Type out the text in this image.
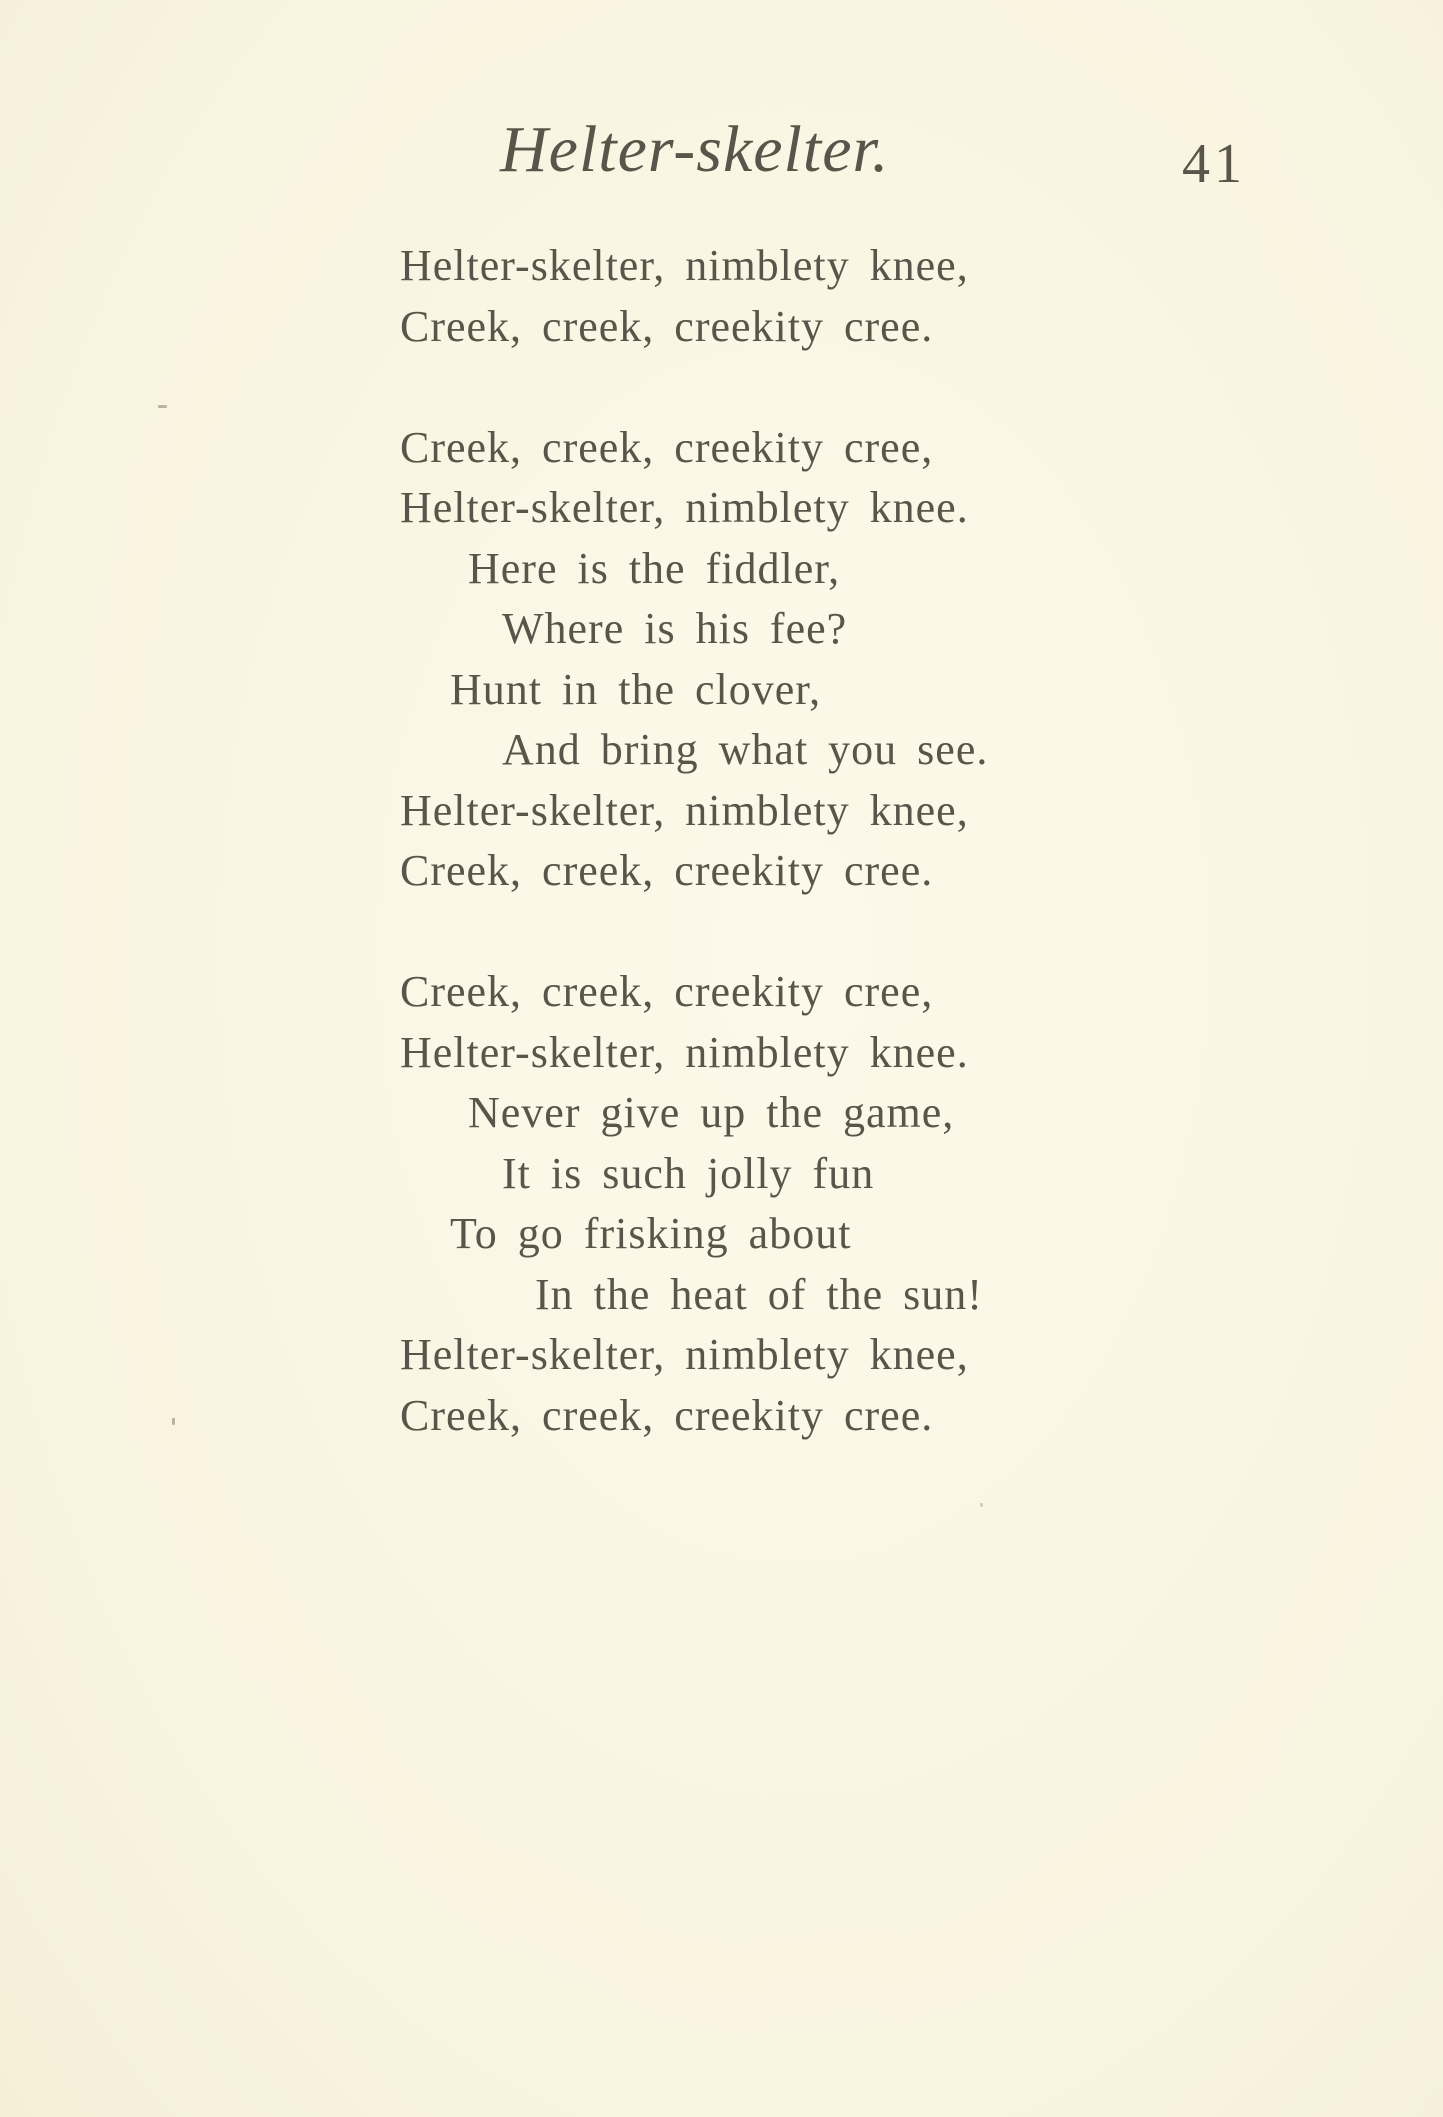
Helter-skelter.	41
Helter-skelter, nimblety knee,
Creek, creek, creekity cree.
Creek, creek, creekity cree,
Helter-skelter, nimblety knee.
Here is the fiddler,
Where is his fee?
Hunt in the clover,
And bring what you see.
Helter-skelter, nimblety knee,
Creek, creek, creekity cree.
Creek, creek, creekity cree,
Helter-skelter, nimblety knee.
Never give up the game,
It is such jolly fun
To go frisking about
In the heat of the sun!
Helter-skelter, nimblety knee,
Creek, creek, creekity cree.
